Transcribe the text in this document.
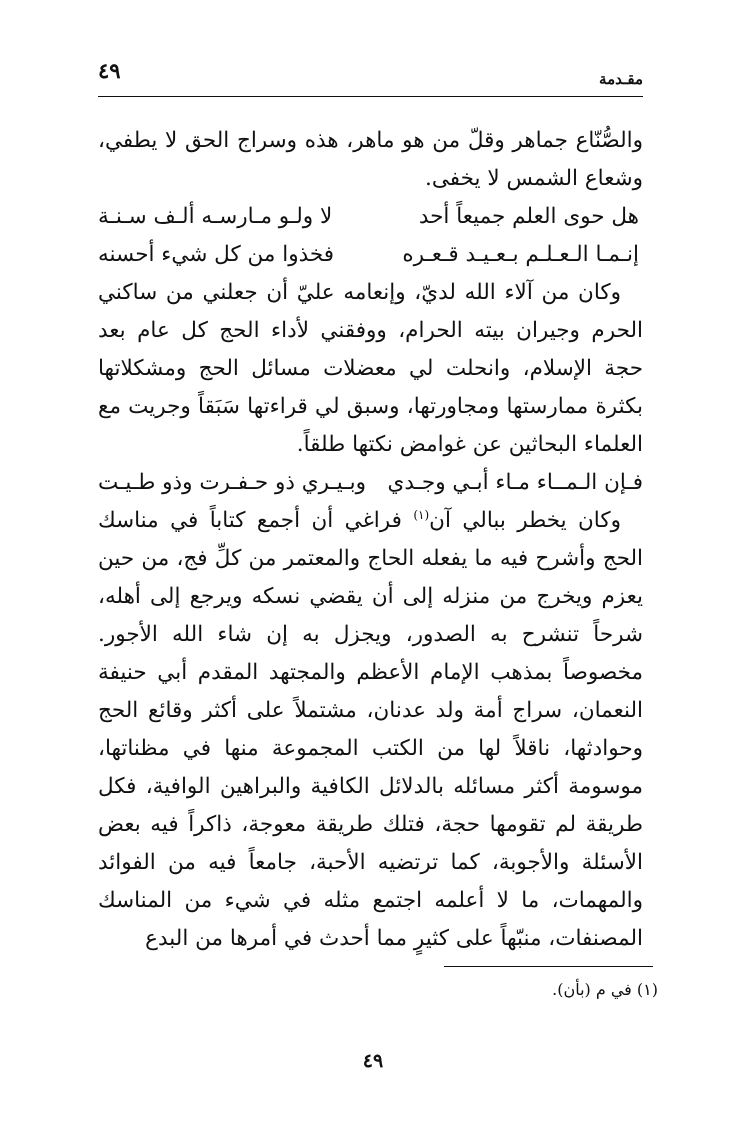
٤٩	مقـدمة

والصُّنّاع جماهر وقلّ من هو ماهر، هذه وسراج الحق لا يطفي، وشعاع الشمس لا يخفى.

هل حوى العلم جميعاً أحد
لا ولـو مـارسـه ألـف سـنـة
إنـمـا الـعـلـم بـعـيـد قـعـره
فخذوا من كل شيء أحسنه

وكان من آلاء الله لديّ، وإنعامه عليّ أن جعلني من ساكني الحرم وجيران بيته الحرام، ووفقني لأداء الحج كل عام بعد حجة الإسلام، وانحلت لي معضلات مسائل الحج ومشكلاتها بكثرة ممارستها ومجاورتها، وسبق لي قراءتها سَبَقاً وجريت مع العلماء البحاثين عن غوامض نكتها طلقاً.

فـإن الـمــاء مـاء أبـي وجـدي
وبـيـري ذو حـفـرت وذو طـيـت

وكان يخطر ببالي آن$^{(١)}$ فراغي أن أجمع كتاباً في مناسك الحج وأشرح فيه ما يفعله الحاج والمعتمر من كلِّ فج، من حين يعزم ويخرج من منزله إلى أن يقضي نسكه ويرجع إلى أهله، شرحاً تنشرح به الصدور، ويجزل به إن شاء الله الأجور. مخصوصاً بمذهب الإمام الأعظم والمجتهد المقدم أبي حنيفة النعمان، سراج أمة ولد عدنان، مشتملاً على أكثر وقائع الحج وحوادثها، ناقلاً لها من الكتب المجموعة منها في مظناتها، موسومة أكثر مسائله بالدلائل الكافية والبراهين الوافية، فكل طريقة لم تقومها حجة، فتلك طريقة معوجة، ذاكراً فيه بعض الأسئلة والأجوبة، كما ترتضيه الأحبة، جامعاً فيه من الفوائد والمهمات، ما لا أعلمه اجتمع مثله في شيء من المناسك المصنفات، منبّهاً على كثيرٍ مما أحدث في أمرها من البدع

(١) في م (بأن).
٤٩
